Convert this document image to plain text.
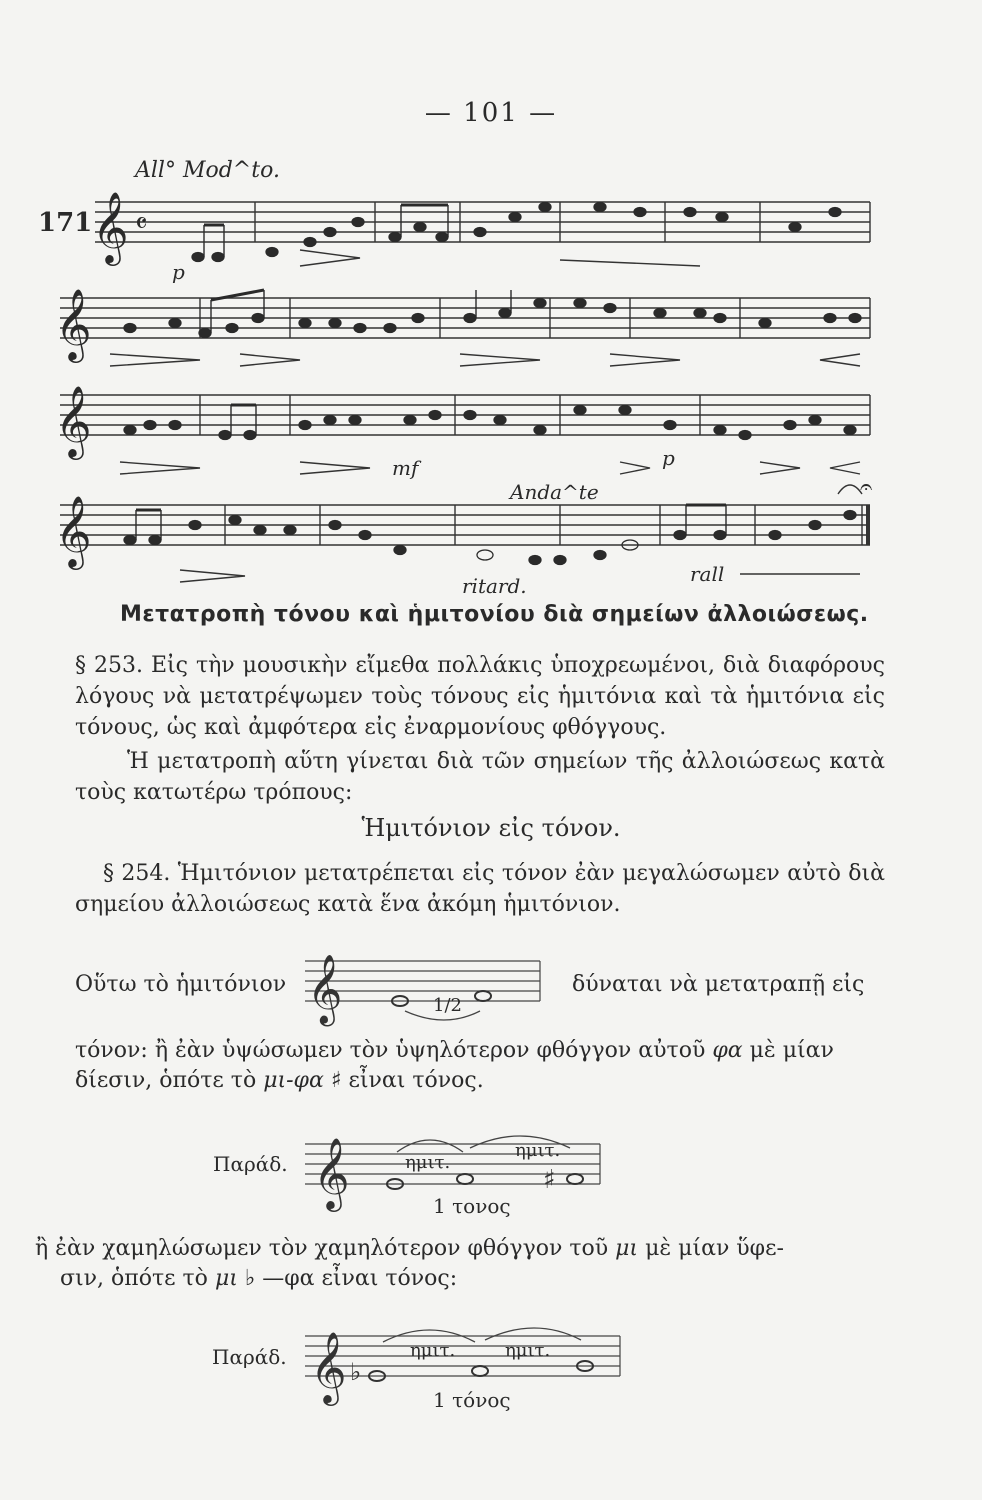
— 101 —
𝄞
𝄞
𝄞
𝄞
𝄴
𝄐
171
All° Mod^to.
p
mf	p
Anda^te
ritard.	rall
Μετατροπὴ τόνου καὶ ἡμιτονίου διὰ σημείων ἀλλοιώσεως.
§ 253. Εἰς τὴν μουσικὴν εἴμεθα πολλάκις ὑποχρεωμένοι, διὰ διαφόρους λόγους νὰ μετατρέψωμεν τοὺς τόνους εἰς ἡμιτόνια καὶ τὰ ἡμιτόνια εἰς τόνους, ὡς καὶ ἀμφότερα εἰς ἐναρμονίους φθόγγους.
Ἡ μετατροπὴ αὕτη γίνεται διὰ τῶν σημείων τῆς ἀλλοιώσεως κατὰ τοὺς κατωτέρω τρόπους:
Ἡμιτόνιον εἰς τόνον.
§ 254. Ἡμιτόνιον μετατρέπεται εἰς τόνον ἐὰν μεγαλώσωμεν αὐτὸ διὰ σημείου ἀλλοιώσεως κατὰ ἕνα ἀκόμη ἡμιτόνιον.
Οὕτω τὸ ἡμιτόνιον 𝄞	1/2
δύναται νὰ μετατραπῇ εἰς
τόνον: ἢ ἐὰν ὑψώσωμεν τὸν ὑψηλότερον φθόγγον αὐτοῦ φα μὲ μίαν
δίεσιν, ὁπότε τὸ μι-φα ♯ εἶναι τόνος.
Παράδ. 𝄞	♯
ημιτ.
ημιτ.
1 τονος
ἢ ἐὰν χαμηλώσωμεν τὸν χαμηλότερον φθόγγον τοῦ μι μὲ μίαν ὕφε-
σιν, ὁπότε τὸ μι ♭ —φα εἶναι τόνος:
Παράδ. 𝄞 ♭
ημιτ.	ημιτ.
1 τόνος
